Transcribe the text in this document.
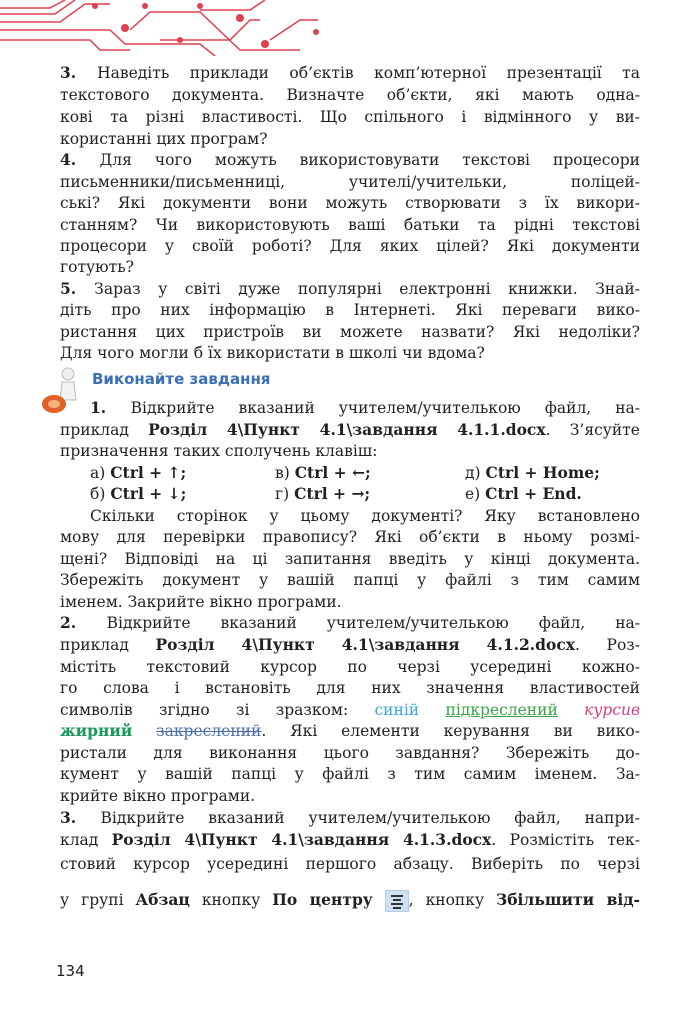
Виконайте завдання
3. Наведіть приклади об’єктів комп’ютерної презентації та
текстового документа. Визначте об’єкти, які мають одна-
кові та різні властивості. Що спільного і відмінного у ви-
користанні цих програм?
4. Для чого можуть використовувати текстові процесори
письменники/письменниці, учителі/учительки, поліцей-
ські? Які документи вони можуть створювати з їх викори-
станням? Чи використовують ваші батьки та рідні текстові
процесори у своїй роботі? Для яких цілей? Які документи
готують?
5. Зараз у світі дуже популярні електронні книжки. Знай-
діть про них інформацію в Інтернеті. Які переваги вико-
ристання цих пристроїв ви можете назвати? Які недоліки?
Для чого могли б їх використати в школі чи вдома?
1. Відкрийте вказаний учителем/учителькою файл, на-
приклад Розділ 4\Пункт 4.1\завдання 4.1.1.docx. З’ясуйте
призначення таких сполучень клавіш:
Скільки сторінок у цьому документі? Яку встановлено
мову для перевірки правопису? Які об’єкти в ньому розмі-
щені? Відповіді на ці запитання введіть у кінці документа.
Збережіть документ у вашій папці у файлі з тим самим
іменем. Закрийте вікно програми.
2. Відкрийте вказаний учителем/учителькою файл, на-
приклад Розділ 4\Пункт 4.1\завдання 4.1.2.docx. Роз-
містіть текстовий курсор по черзі усередині кожно-
го слова і встановіть для них значення властивостей
символів згідно зі зразком: синій підкреслений курсив
жирний закреслений. Які елементи керування ви вико-
ристали для виконання цього завдання? Збережіть до-
кумент у вашій папці у файлі з тим самим іменем. За-
крийте вікно програми.
3. Відкрийте вказаний учителем/учителькою файл, напри-
клад Розділ 4\Пункт 4.1\завдання 4.1.3.docx. Розмістіть тек-
стовий курсор усередині першого абзацу. Виберіть по черзі
у групі Абзац кнопку По центру , кнопку Збільшити від-
а) Ctrl + ↑;	в) Ctrl + ←;	д) Ctrl + Home;
б) Ctrl + ↓;	г) Ctrl + →;	е) Ctrl + End.
134
